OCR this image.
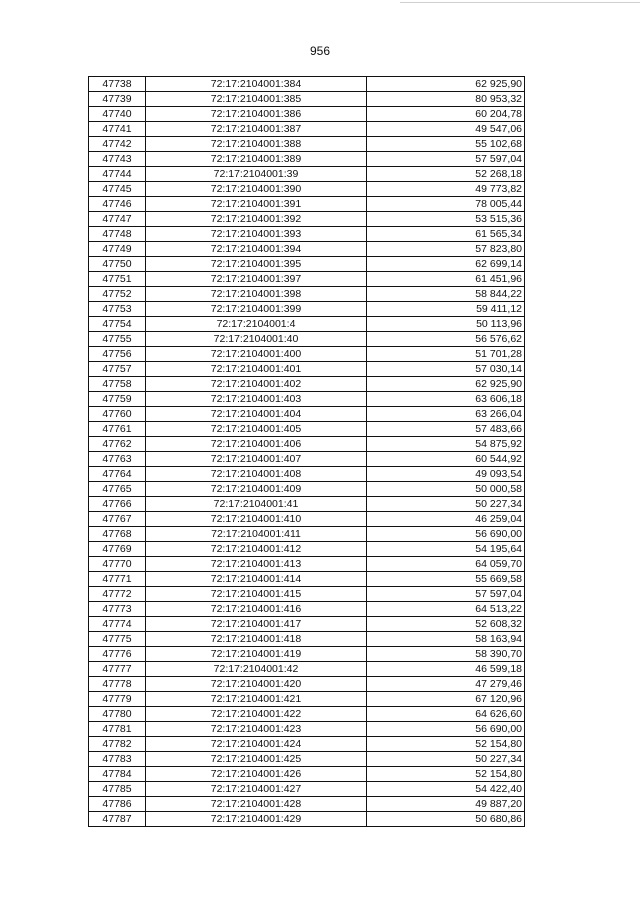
956
47738	72:17:2104001:384	62 925,90
47739	72:17:2104001:385	80 953,32
47740	72:17:2104001:386	60 204,78
47741	72:17:2104001:387	49 547,06
47742	72:17:2104001:388	55 102,68
47743	72:17:2104001:389	57 597,04
47744	72:17:2104001:39	52 268,18
47745	72:17:2104001:390	49 773,82
47746	72:17:2104001:391	78 005,44
47747	72:17:2104001:392	53 515,36
47748	72:17:2104001:393	61 565,34
47749	72:17:2104001:394	57 823,80
47750	72:17:2104001:395	62 699,14
47751	72:17:2104001:397	61 451,96
47752	72:17:2104001:398	58 844,22
47753	72:17:2104001:399	59 411,12
47754	72:17:2104001:4	50 113,96
47755	72:17:2104001:40	56 576,62
47756	72:17:2104001:400	51 701,28
47757	72:17:2104001:401	57 030,14
47758	72:17:2104001:402	62 925,90
47759	72:17:2104001:403	63 606,18
47760	72:17:2104001:404	63 266,04
47761	72:17:2104001:405	57 483,66
47762	72:17:2104001:406	54 875,92
47763	72:17:2104001:407	60 544,92
47764	72:17:2104001:408	49 093,54
47765	72:17:2104001:409	50 000,58
47766	72:17:2104001:41	50 227,34
47767	72:17:2104001:410	46 259,04
47768	72:17:2104001:411	56 690,00
47769	72:17:2104001:412	54 195,64
47770	72:17:2104001:413	64 059,70
47771	72:17:2104001:414	55 669,58
47772	72:17:2104001:415	57 597,04
47773	72:17:2104001:416	64 513,22
47774	72:17:2104001:417	52 608,32
47775	72:17:2104001:418	58 163,94
47776	72:17:2104001:419	58 390,70
47777	72:17:2104001:42	46 599,18
47778	72:17:2104001:420	47 279,46
47779	72:17:2104001:421	67 120,96
47780	72:17:2104001:422	64 626,60
47781	72:17:2104001:423	56 690,00
47782	72:17:2104001:424	52 154,80
47783	72:17:2104001:425	50 227,34
47784	72:17:2104001:426	52 154,80
47785	72:17:2104001:427	54 422,40
47786	72:17:2104001:428	49 887,20
47787	72:17:2104001:429	50 680,86
